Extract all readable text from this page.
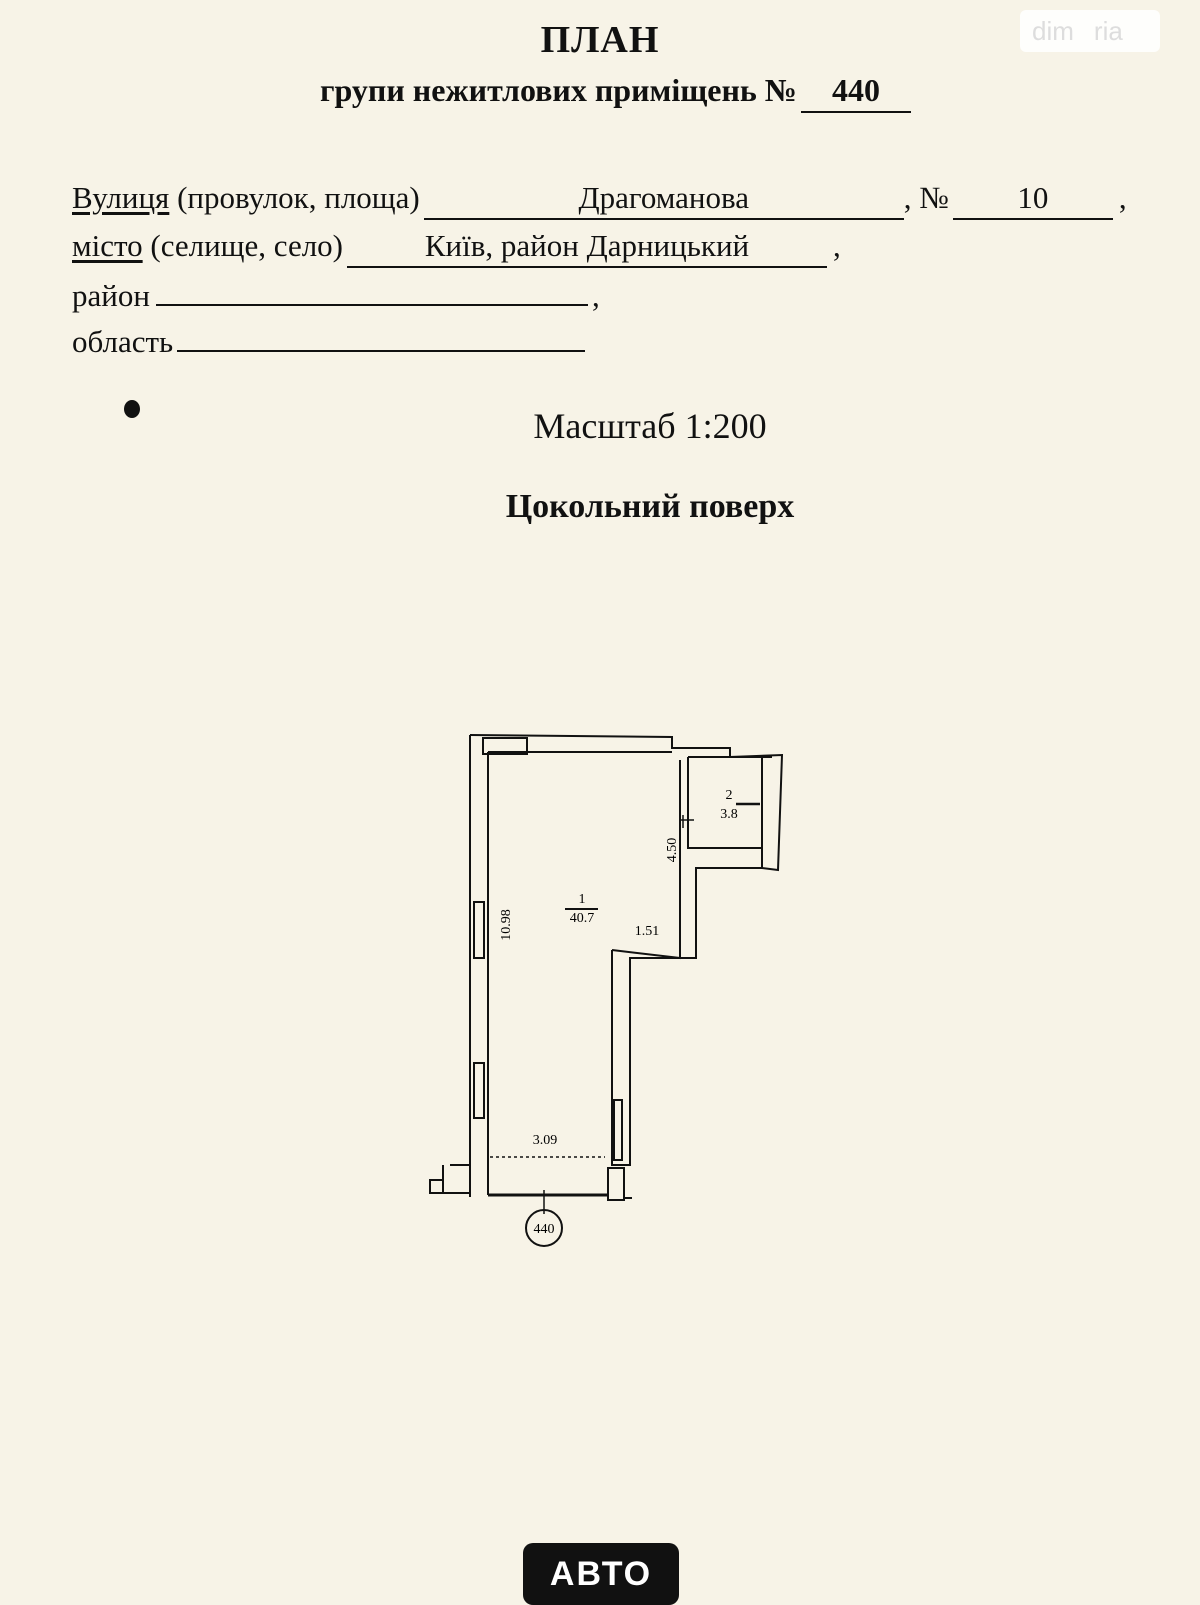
ПЛАН
групи нежитлових приміщень № 440
Вулиця (провулок, площа)	Драгоманова	, № 10 ,
місто (селище, село)	Київ, район Дарницький	,
район	,
область
Масштаб 1:200
Цокольний поверх
440
1
40.7
2
3.8
10.98
4.50
1.51
3.09
dim ria
АВТО
